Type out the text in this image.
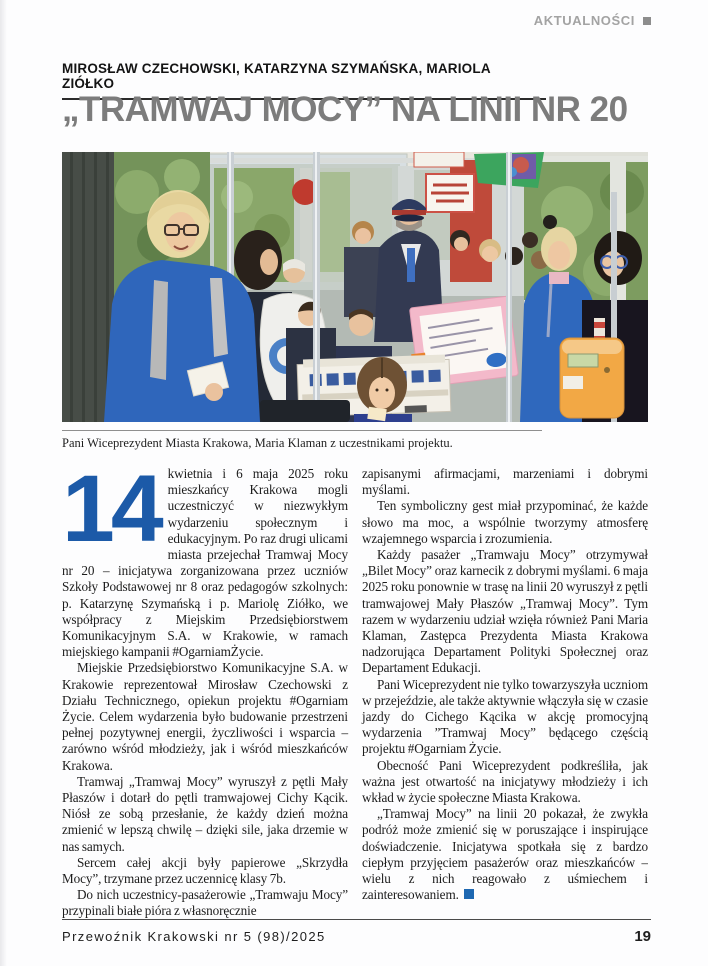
AKTUALNOŚCI
MIROSŁAW CZECHOWSKI, KATARZYNA SZYMAŃSKA, MARIOLA ZIÓŁKO
„TRAMWAJ MOCY” NA LINII NR 20
Pani Wiceprezydent Miasta Krakowa, Maria Klaman z uczestnikami projektu.

14 kwietnia i 6 maja 2025 roku mieszkańcy Krakowa mogli uczestniczyć w niezwykłym wydarzeniu społecznym i edukacyjnym. Po raz drugi ulicami miasta przejechał Tramwaj Mocy nr 20 – inicjatywa zorganizowana przez uczniów Szkoły Podstawowej nr 8 oraz pedagogów szkolnych: p. Katarzynę Szymańską i p. Mariolę Ziółko, we współpracy z Miejskim Przedsiębiorstwem Komunikacyjnym S.A. w Krakowie, w ramach miejskiego kampanii #OgarniamŻycie.

Miejskie Przedsiębiorstwo Komunikacyjne S.A. w Krakowie reprezentował Mirosław Czechowski z Działu Technicznego, opiekun projektu #Ogarniam Życie. Celem wydarzenia było budowanie przestrzeni pełnej pozytywnej energii, życzliwości i wsparcia – zarówno wśród młodzieży, jak i wśród mieszkańców Krakowa.

Tramwaj „Tramwaj Mocy” wyruszył z pętli Mały Płaszów i dotarł do pętli tramwajowej Cichy Kącik. Niósł ze sobą przesłanie, że każdy dzień można zmienić w lepszą chwilę – dzięki sile, jaka drzemie w nas samych.

Sercem całej akcji były papierowe „Skrzydła Mocy”, trzymane przez uczennicę klasy 7b.

Do nich uczestnicy-pasażerowie „Tramwaju Mocy” przypinali białe pióra z własnoręcznie

zapisanymi afirmacjami, marzeniami i dobrymi myślami.

Ten symboliczny gest miał przypominać, że każde słowo ma moc, a wspólnie tworzymy atmosferę wzajemnego wsparcia i zrozumienia.

Każdy pasażer „Tramwaju Mocy” otrzymywał „Bilet Mocy” oraz karnecik z dobrymi myślami. 6 maja 2025 roku ponownie w trasę na linii 20 wyruszył z pętli tramwajowej Mały Płaszów „Tramwaj Mocy”. Tym razem w wydarzeniu udział wzięła również Pani Maria Klaman, Zastępca Prezydenta Miasta Krakowa nadzorująca Departament Polityki Społecznej oraz Departament Edukacji.

Pani Wiceprezydent nie tylko towarzyszyła uczniom w przejeździe, ale także aktywnie włączyła się w czasie jazdy do Cichego Kącika w akcję promocyjną wydarzenia ”Tramwaj Mocy” będącego częścią projektu #Ogarniam Życie.

Obecność Pani Wiceprezydent podkreśliła, jak ważna jest otwartość na inicjatywy młodzieży i ich wkład w życie społeczne Miasta Krakowa.

„Tramwaj Mocy” na linii 20 pokazał, że zwykła podróż może zmienić się w poruszające i inspirujące doświadczenie. Inicjatywa spotkała się z bardzo ciepłym przyjęciem pasażerów oraz mieszkańców – wielu z nich reagowało z uśmiechem i zainteresowaniem.

Przewoźnik Krakowski nr 5 (98)/2025	19
